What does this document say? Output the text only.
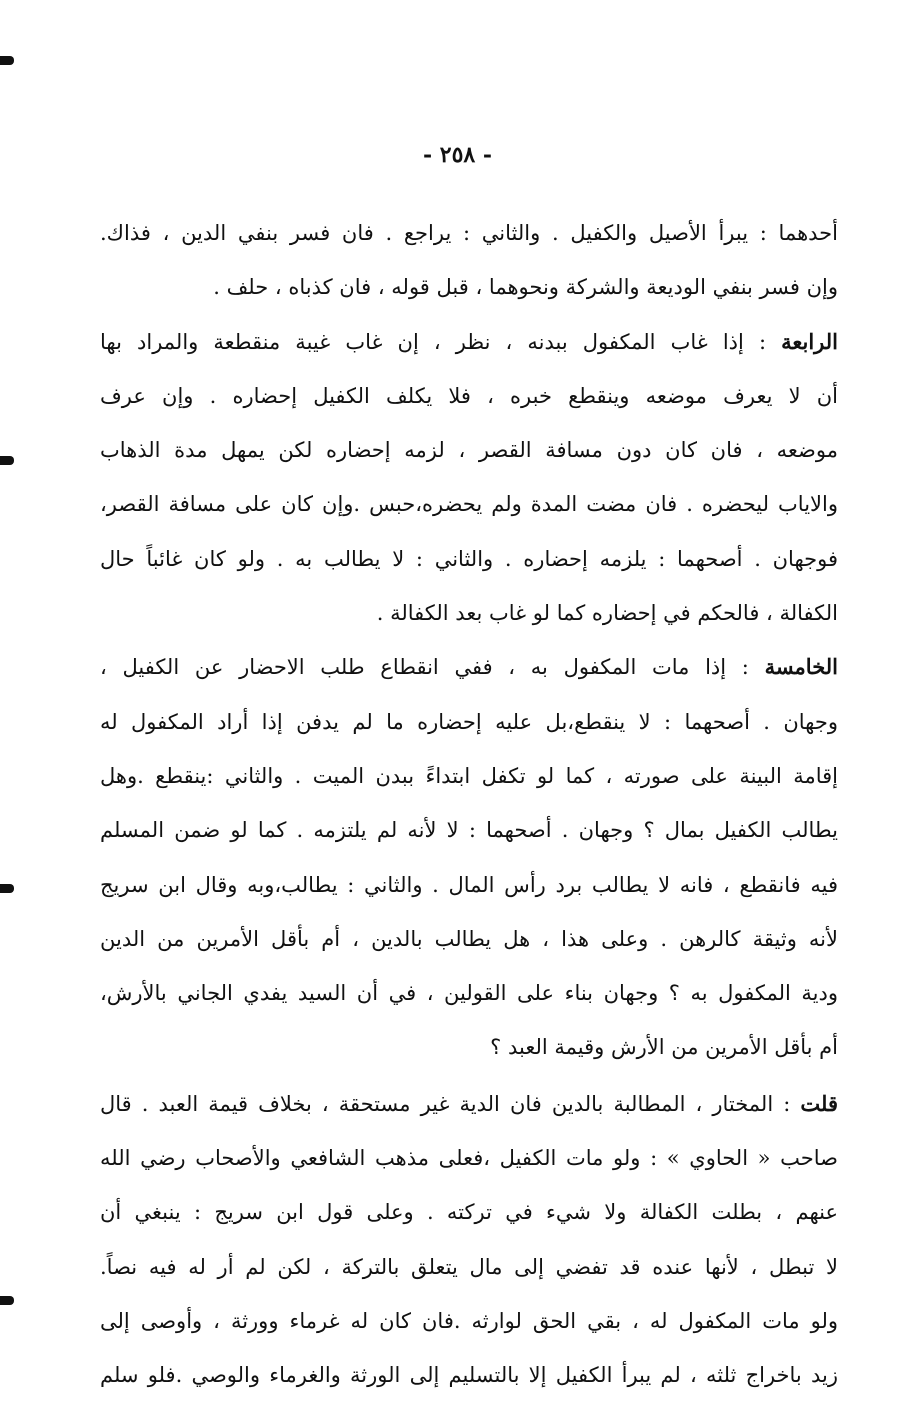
- ٢٥٨ -
أحدهما : يبرأ الأصيل والكفيل . والثاني : يراجع . فان فسر بنفي الدين ، فذاك.
وإن فسر بنفي الوديعة والشركة ونحوهما ، قبل قوله ، فان كذباه ، حلف .
الرابعة : إذا غاب المكفول ببدنه ، نظر ، إن غاب غيبة منقطعة والمراد بها
أن لا يعرف موضعه وينقطع خبره ، فلا يكلف الكفيل إحضاره . وإن عرف
موضعه ، فان كان دون مسافة القصر ، لزمه إحضاره لكن يمهل مدة الذهاب
والاياب ليحضره . فان مضت المدة ولم يحضره،حبس .وإن كان على مسافة القصر،
فوجهان . أصحهما : يلزمه إحضاره . والثاني : لا يطالب به . ولو كان غائباً حال
الكفالة ، فالحكم في إحضاره كما لو غاب بعد الكفالة .
الخامسة : إذا مات المكفول به ، ففي انقطاع طلب الاحضار عن الكفيل ،
وجهان . أصحهما : لا ينقطع،بل عليه إحضاره ما لم يدفن إذا أراد المكفول له
إقامة البينة على صورته ، كما لو تكفل ابتداءً ببدن الميت . والثاني :ينقطع .وهل
يطالب الكفيل بمال ؟ وجهان . أصحهما : لا لأنه لم يلتزمه . كما لو ضمن المسلم
فيه فانقطع ، فانه لا يطالب برد رأس المال . والثاني : يطالب،وبه وقال ابن سريج
لأنه وثيقة كالرهن . وعلى هذا ، هل يطالب بالدين ، أم بأقل الأمرين من الدين
ودية المكفول به ؟ وجهان بناء على القولين ، في أن السيد يفدي الجاني بالأرش،
أم بأقل الأمرين من الأرش وقيمة العبد ؟
قلت : المختار ، المطالبة بالدين فان الدية غير مستحقة ، بخلاف قيمة العبد . قال
صاحب « الحاوي » : ولو مات الكفيل ،فعلى مذهب الشافعي والأصحاب رضي الله
عنهم ، بطلت الكفالة ولا شيء في تركته . وعلى قول ابن سريج : ينبغي أن
لا تبطل ، لأنها عنده قد تفضي إلى مال يتعلق بالتركة ، لكن لم أر له فيه نصاً.
ولو مات المكفول له ، بقي الحق لوارثه .فان كان له غرماء وورثة ، وأوصى إلى
زيد باخراج ثلثه ، لم يبرأ الكفيل إلا بالتسليم إلى الورثة والغرماء والوصي .فلو سلم
